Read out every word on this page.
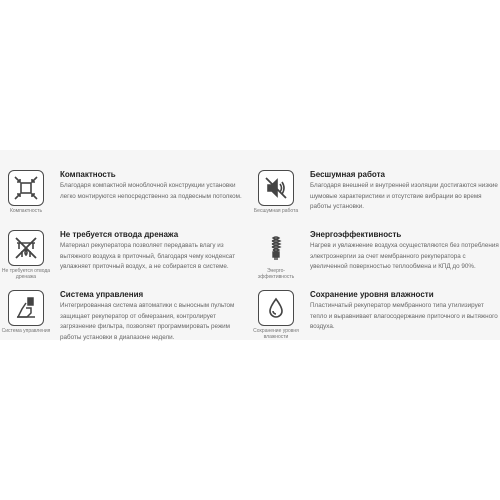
Компактность
Компактность
Благодаря компактной моноблочной конструкции установки легко монтируются непосредственно за подвесным потолком.
Бесшумная работа
Бесшумная работа
Благодаря внешней и внутренней изоляции достигаются низкие шумовые характеристики и отсутствие вибрации во время работы установки.
Не требуется отвода дренажа
Не требуется отвода дренажа
Материал рекуператора позволяет передавать влагу из вытяжного воздуха в приточный, благодаря чему конденсат увлажняет приточный воздух, а не собирается в системе.
Энерго-эффективность
Энергоэффективность
Нагрев и увлажнение воздуха осуществляются без потребления электроэнергии за счет мембранного рекуператора с увеличенной поверхностью теплообмена и КПД до 90%.
Система управления
Система управления
Интегрированная система автоматики с выносным пультом защищает рекуператор от обмерзания, контролирует загрязнение фильтра, позволяет программировать режим работы установки в диапазоне недели.
Сохранение уровня влажности
Сохранение уровня влажности
Пластинчатый рекуператор мембранного типа утилизирует тепло и выравнивает влагосодержание приточного и вытяжного воздуха.
